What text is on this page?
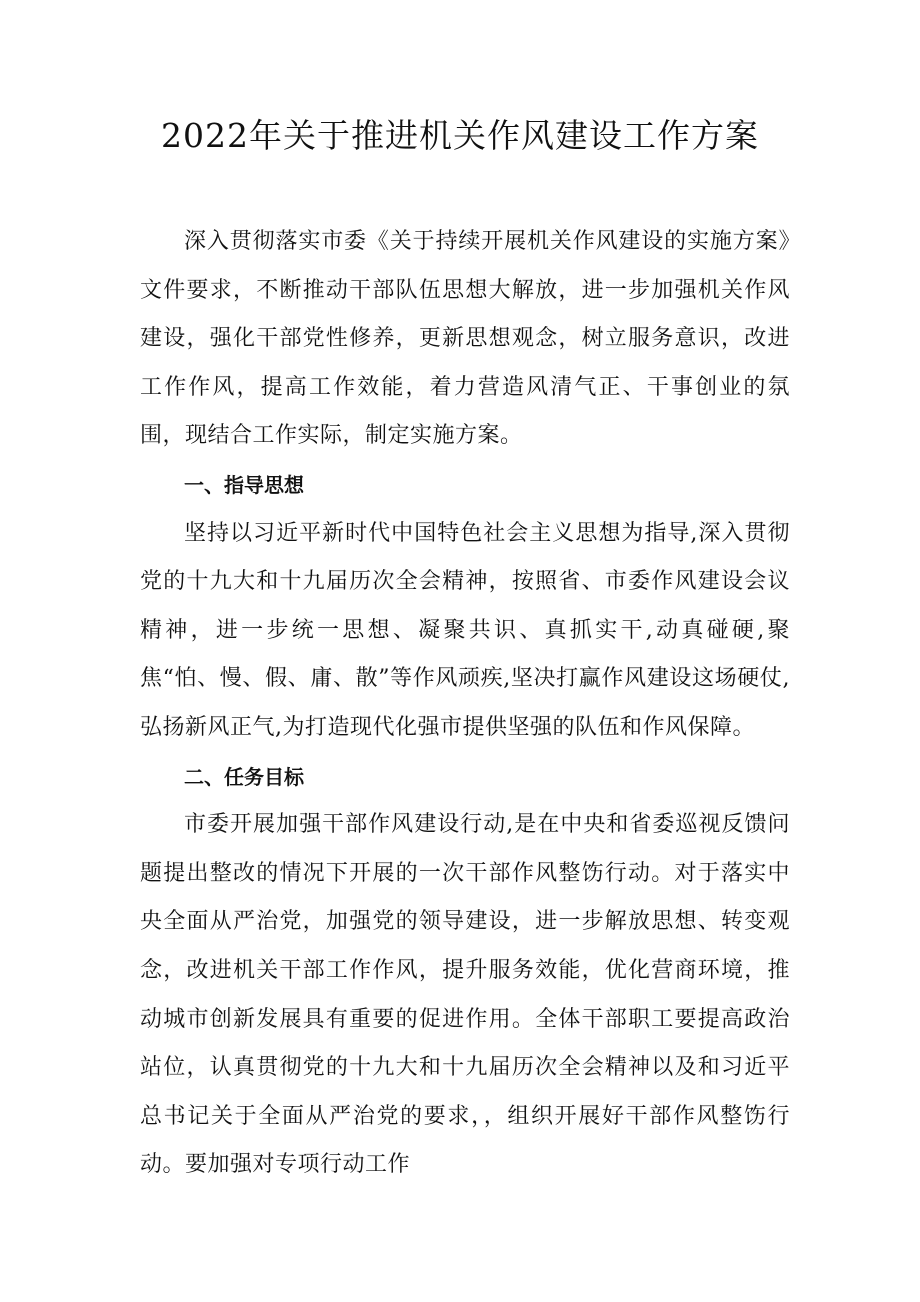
2022年关于推进机关作风建设工作方案

深入贯彻落实市委《关于持续开展机关作风建设的实施方案》文件要求，不断推动干部队伍思想大解放，进一步加强机关作风建设，强化干部党性修养，更新思想观念，树立服务意识，改进工作作风，提高工作效能，着力营造风清气正、干事创业的氛围，现结合工作实际，制定实施方案。

一、指导思想

坚持以习近平新时代中国特色社会主义思想为指导,深入贯彻党的十九大和十九届历次全会精神，按照省、市委作风建设会议精神，进一步统一思想、凝聚共识、真抓实干,动真碰硬,聚焦“怕、慢、假、庸、散”等作风顽疾,坚决打赢作风建设这场硬仗,弘扬新风正气,为打造现代化强市提供坚强的队伍和作风保障。

二、任务目标

市委开展加强干部作风建设行动,是在中央和省委巡视反馈问题提出整改的情况下开展的一次干部作风整饬行动。对于落实中央全面从严治党，加强党的领导建设，进一步解放思想、转变观念，改进机关干部工作作风，提升服务效能，优化营商环境，推动城市创新发展具有重要的促进作用。全体干部职工要提高政治站位，认真贯彻党的十九大和十九届历次全会精神以及和习近平总书记关于全面从严治党的要求，，组织开展好干部作风整饬行动。要加强对专项行动工作
